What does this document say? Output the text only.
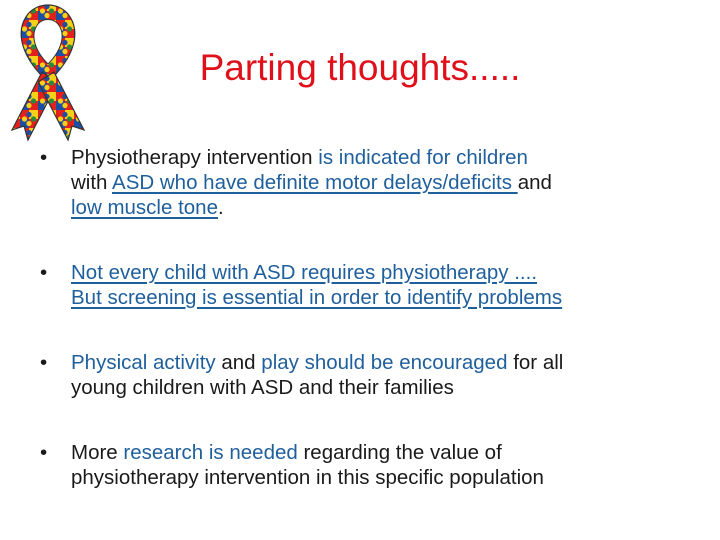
Parting thoughts.....
• Physiotherapy intervention is indicated for children
with ASD who have definite motor delays/deficits and
low muscle tone.
• Not every child with ASD requires physiotherapy ....
But screening is essential in order to identify problems
• Physical activity and play should be encouraged for all
young children with ASD and their families
• More research is needed regarding the value of
physiotherapy intervention in this specific population
